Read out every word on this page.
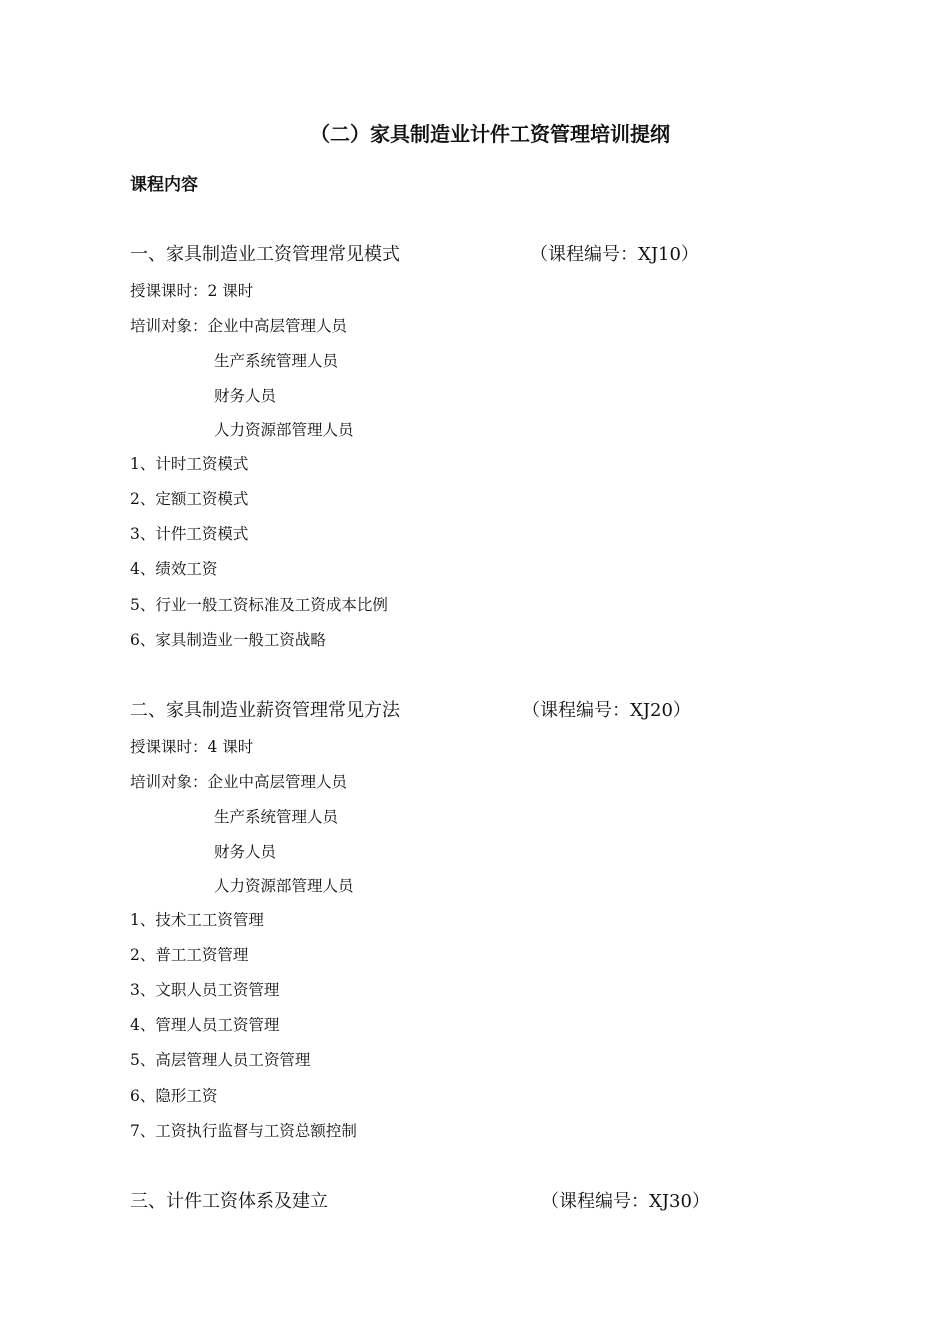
（二）家具制造业计件工资管理培训提纲
课程内容
一、家具制造业工资管理常见模式	（课程编号：XJ10）
授课课时：2 课时
培训对象：企业中高层管理人员
生产系统管理人员
财务人员
人力资源部管理人员
1、计时工资模式
2、定额工资模式
3、计件工资模式
4、绩效工资
5、行业一般工资标准及工资成本比例
6、家具制造业一般工资战略
二、家具制造业薪资管理常见方法	（课程编号：XJ20）
授课课时：4 课时
培训对象：企业中高层管理人员
生产系统管理人员
财务人员
人力资源部管理人员
1、技术工工资管理
2、普工工资管理
3、文职人员工资管理
4、管理人员工资管理
5、高层管理人员工资管理
6、隐形工资
7、工资执行监督与工资总额控制
三、计件工资体系及建立	（课程编号：XJ30）
